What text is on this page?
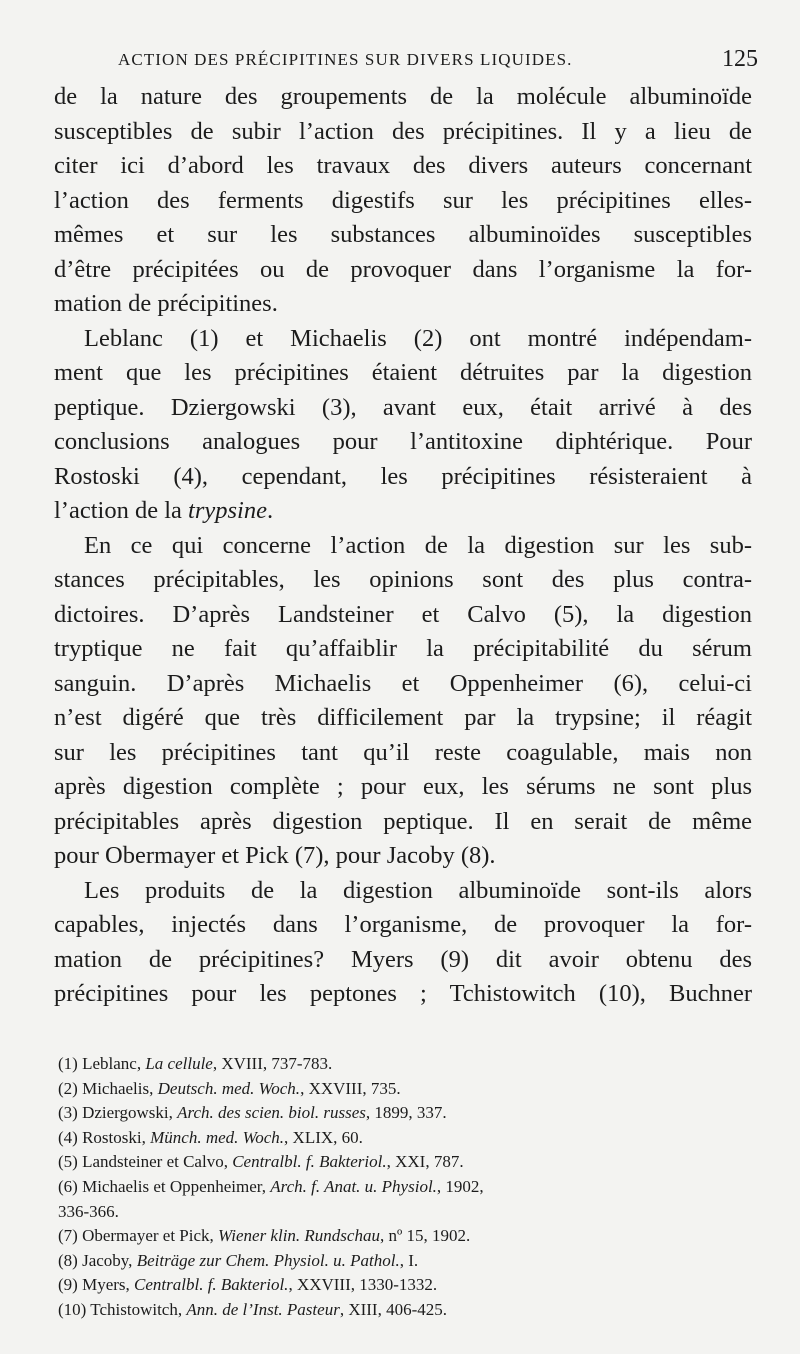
ACTION DES PRÉCIPITINES SUR DIVERS LIQUIDES.	125
de la nature des groupements de la molécule albuminoïde
susceptibles de subir l’action des précipitines. Il y a lieu de
citer ici d’abord les travaux des divers auteurs concernant
l’action des ferments digestifs sur les précipitines elles-
mêmes et sur les substances albuminoïdes susceptibles
d’être précipitées ou de provoquer dans l’organisme la for-
mation de précipitines.
Leblanc (1) et Michaelis (2) ont montré indépendam-
ment que les précipitines étaient détruites par la digestion
peptique. Dziergowski (3), avant eux, était arrivé à des
conclusions analogues pour l’antitoxine diphtérique. Pour
Rostoski (4), cependant, les précipitines résisteraient à
l’action de la trypsine.
En ce qui concerne l’action de la digestion sur les sub-
stances précipitables, les opinions sont des plus contra-
dictoires. D’après Landsteiner et Calvo (5), la digestion
tryptique ne fait qu’affaiblir la précipitabilité du sérum
sanguin. D’après Michaelis et Oppenheimer (6), celui-ci
n’est digéré que très difficilement par la trypsine; il réagit
sur les précipitines tant qu’il reste coagulable, mais non
après digestion complète ; pour eux, les sérums ne sont plus
précipitables après digestion peptique. Il en serait de même
pour Obermayer et Pick (7), pour Jacoby (8).
Les produits de la digestion albuminoïde sont-ils alors
capables, injectés dans l’organisme, de provoquer la for-
mation de précipitines? Myers (9) dit avoir obtenu des
précipitines pour les peptones ; Tchistowitch (10), Buchner
(1) Leblanc, La cellule, XVIII, 737-783.
(2) Michaelis, Deutsch. med. Woch., XXVIII, 735.
(3) Dziergowski, Arch. des scien. biol. russes, 1899, 337.
(4) Rostoski, Münch. med. Woch., XLIX, 60.
(5) Landsteiner et Calvo, Centralbl. f. Bakteriol., XXI, 787.
(6) Michaelis et Oppenheimer, Arch. f. Anat. u. Physiol., 1902,
336-366.
(7) Obermayer et Pick, Wiener klin. Rundschau, nº 15, 1902.
(8) Jacoby, Beiträge zur Chem. Physiol. u. Pathol., I.
(9) Myers, Centralbl. f. Bakteriol., XXVIII, 1330-1332.
(10) Tchistowitch, Ann. de l’Inst. Pasteur, XIII, 406-425.
